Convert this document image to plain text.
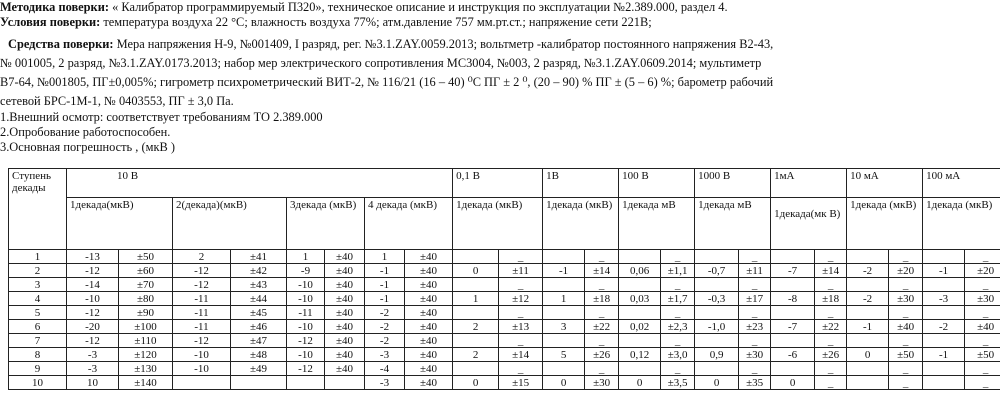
Методика поверки: « Калибратор программируемый П320», техническое описание и инструкция по эксплуатации №2.389.000, раздел 4.
Условия поверки: температура воздуха 22 °С; влажность воздуха 77%; атм.давление 757 мм.рт.ст.; напряжение сети 221В;
Средства поверки: Мера напряжения Н-9, №001409, I разряд, рег. №3.1.ZAY.0059.2013; вольтметр -калибратор постоянного напряжения В2-43,
№ 001005, 2 разряд, №3.1.ZAY.0173.2013; набор мер электрического сопротивления МС3004, №003, 2 разряд, №3.1.ZAY.0609.2014; мультиметр
В7-64, №001805, ПГ±0,005%; гигрометр психрометрический ВИТ-2, № 116/21 (16 – 40) ⁰С ПГ ± 2 ⁰, (20 – 90) % ПГ ± (5 – 6) %; барометр рабочий
сетевой БРС-1М-1, № 0403553, ПГ ± 3,0 Па.
1.Внешний осмотр: соответствует требованиям ТО 2.389.000
2.Опробование работоспособен.
3.Основная погрешность , (мкВ )
Ступень декады	10 В								0,1 В		1В		100 В		1000 В		1мА		10 мА		100 мА	
	1декада(мкВ)		2(декада)(мкВ)		3декада (мкВ)		4 декада (мкВ)		1декада (мкВ)		1декада (мкВ)		1декада мВ		1декада мВ		1декада(мк В)		1декада (мкВ)		1декада (мкВ)	
1	-13	±50	2	±41	1	±40	1	±40		_		_		_		_		_		_		_
2	-12	±60	-12	±42	-9	±40	-1	±40	0	±11	-1	±14	0,06	±1,1	-0,7	±11	-7	±14	-2	±20	-1	±20
3	-14	±70	-12	±43	-10	±40	-1	±40		_		_		_		_		_		_		_
4	-10	±80	-11	±44	-10	±40	-1	±40	1	±12	1	±18	0,03	±1,7	-0,3	±17	-8	±18	-2	±30	-3	±30
5	-12	±90	-11	±45	-11	±40	-2	±40		_		_		_		_		_		_		_
6	-20	±100	-11	±46	-10	±40	-2	±40	2	±13	3	±22	0,02	±2,3	-1,0	±23	-7	±22	-1	±40	-2	±40
7	-12	±110	-12	±47	-12	±40	-2	±40		_		_		_		_		_		_		_
8	-3	±120	-10	±48	-10	±40	-3	±40	2	±14	5	±26	0,12	±3,0	0,9	±30	-6	±26	0	±50	-1	±50
9	-3	±130	-10	±49	-12	±40	-4	±40		_		_		_		_		_		_		_
10	10	±140					-3	±40	0	±15	0	±30	0	±3,5	0	±35	0	_		_		_
